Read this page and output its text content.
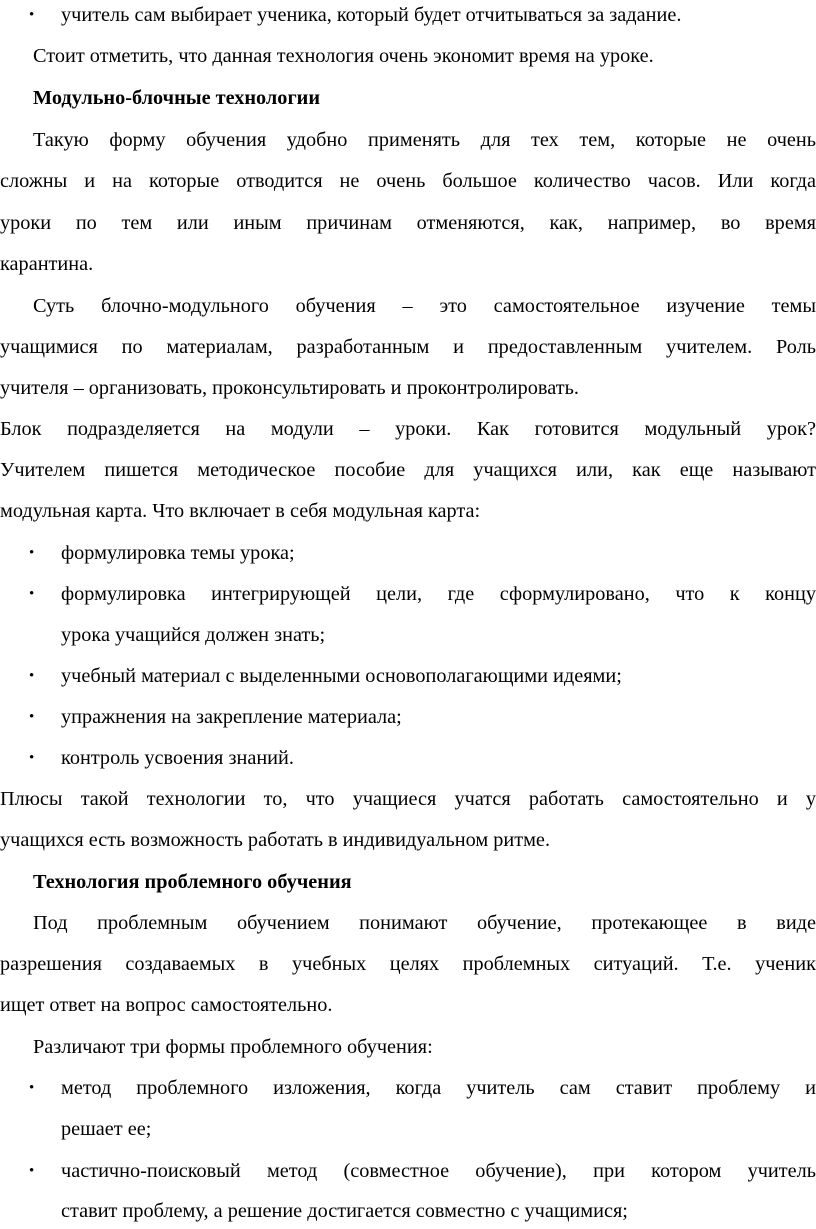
• учитель сам выбирает ученика, который будет отчитываться за задание.
Стоит отметить, что данная технология очень экономит время на уроке.
Модульно-блочные технологии
Такую форму обучения удобно применять для тех тем, которые не очень
сложны и на которые отводится не очень большое количество часов. Или когда
уроки по тем или иным причинам отменяются, как, например, во время
карантина.
Суть блочно-модульного обучения – это самостоятельное изучение темы
учащимися по материалам, разработанным и предоставленным учителем. Роль
учителя – организовать, проконсультировать и проконтролировать.
Блок подразделяется на модули – уроки. Как готовится модульный урок?
Учителем пишется методическое пособие для учащихся или, как еще называют
модульная карта. Что включает в себя модульная карта:
• формулировка темы урока;
• формулировка интегрирующей цели, где сформулировано, что к концу
урока учащийся должен знать;
• учебный материал с выделенными основополагающими идеями;
• упражнения на закрепление материала;
• контроль усвоения знаний.
Плюсы такой технологии то, что учащиеся учатся работать самостоятельно и у
учащихся есть возможность работать в индивидуальном ритме.
Технология проблемного обучения
Под проблемным обучением понимают обучение, протекающее в виде
разрешения создаваемых в учебных целях проблемных ситуаций. Т.е. ученик
ищет ответ на вопрос самостоятельно.
Различают три формы проблемного обучения:
• метод проблемного изложения, когда учитель сам ставит проблему и
решает ее;
• частично-поисковый метод (совместное обучение), при котором учитель
ставит проблему, а решение достигается совместно с учащимися;
